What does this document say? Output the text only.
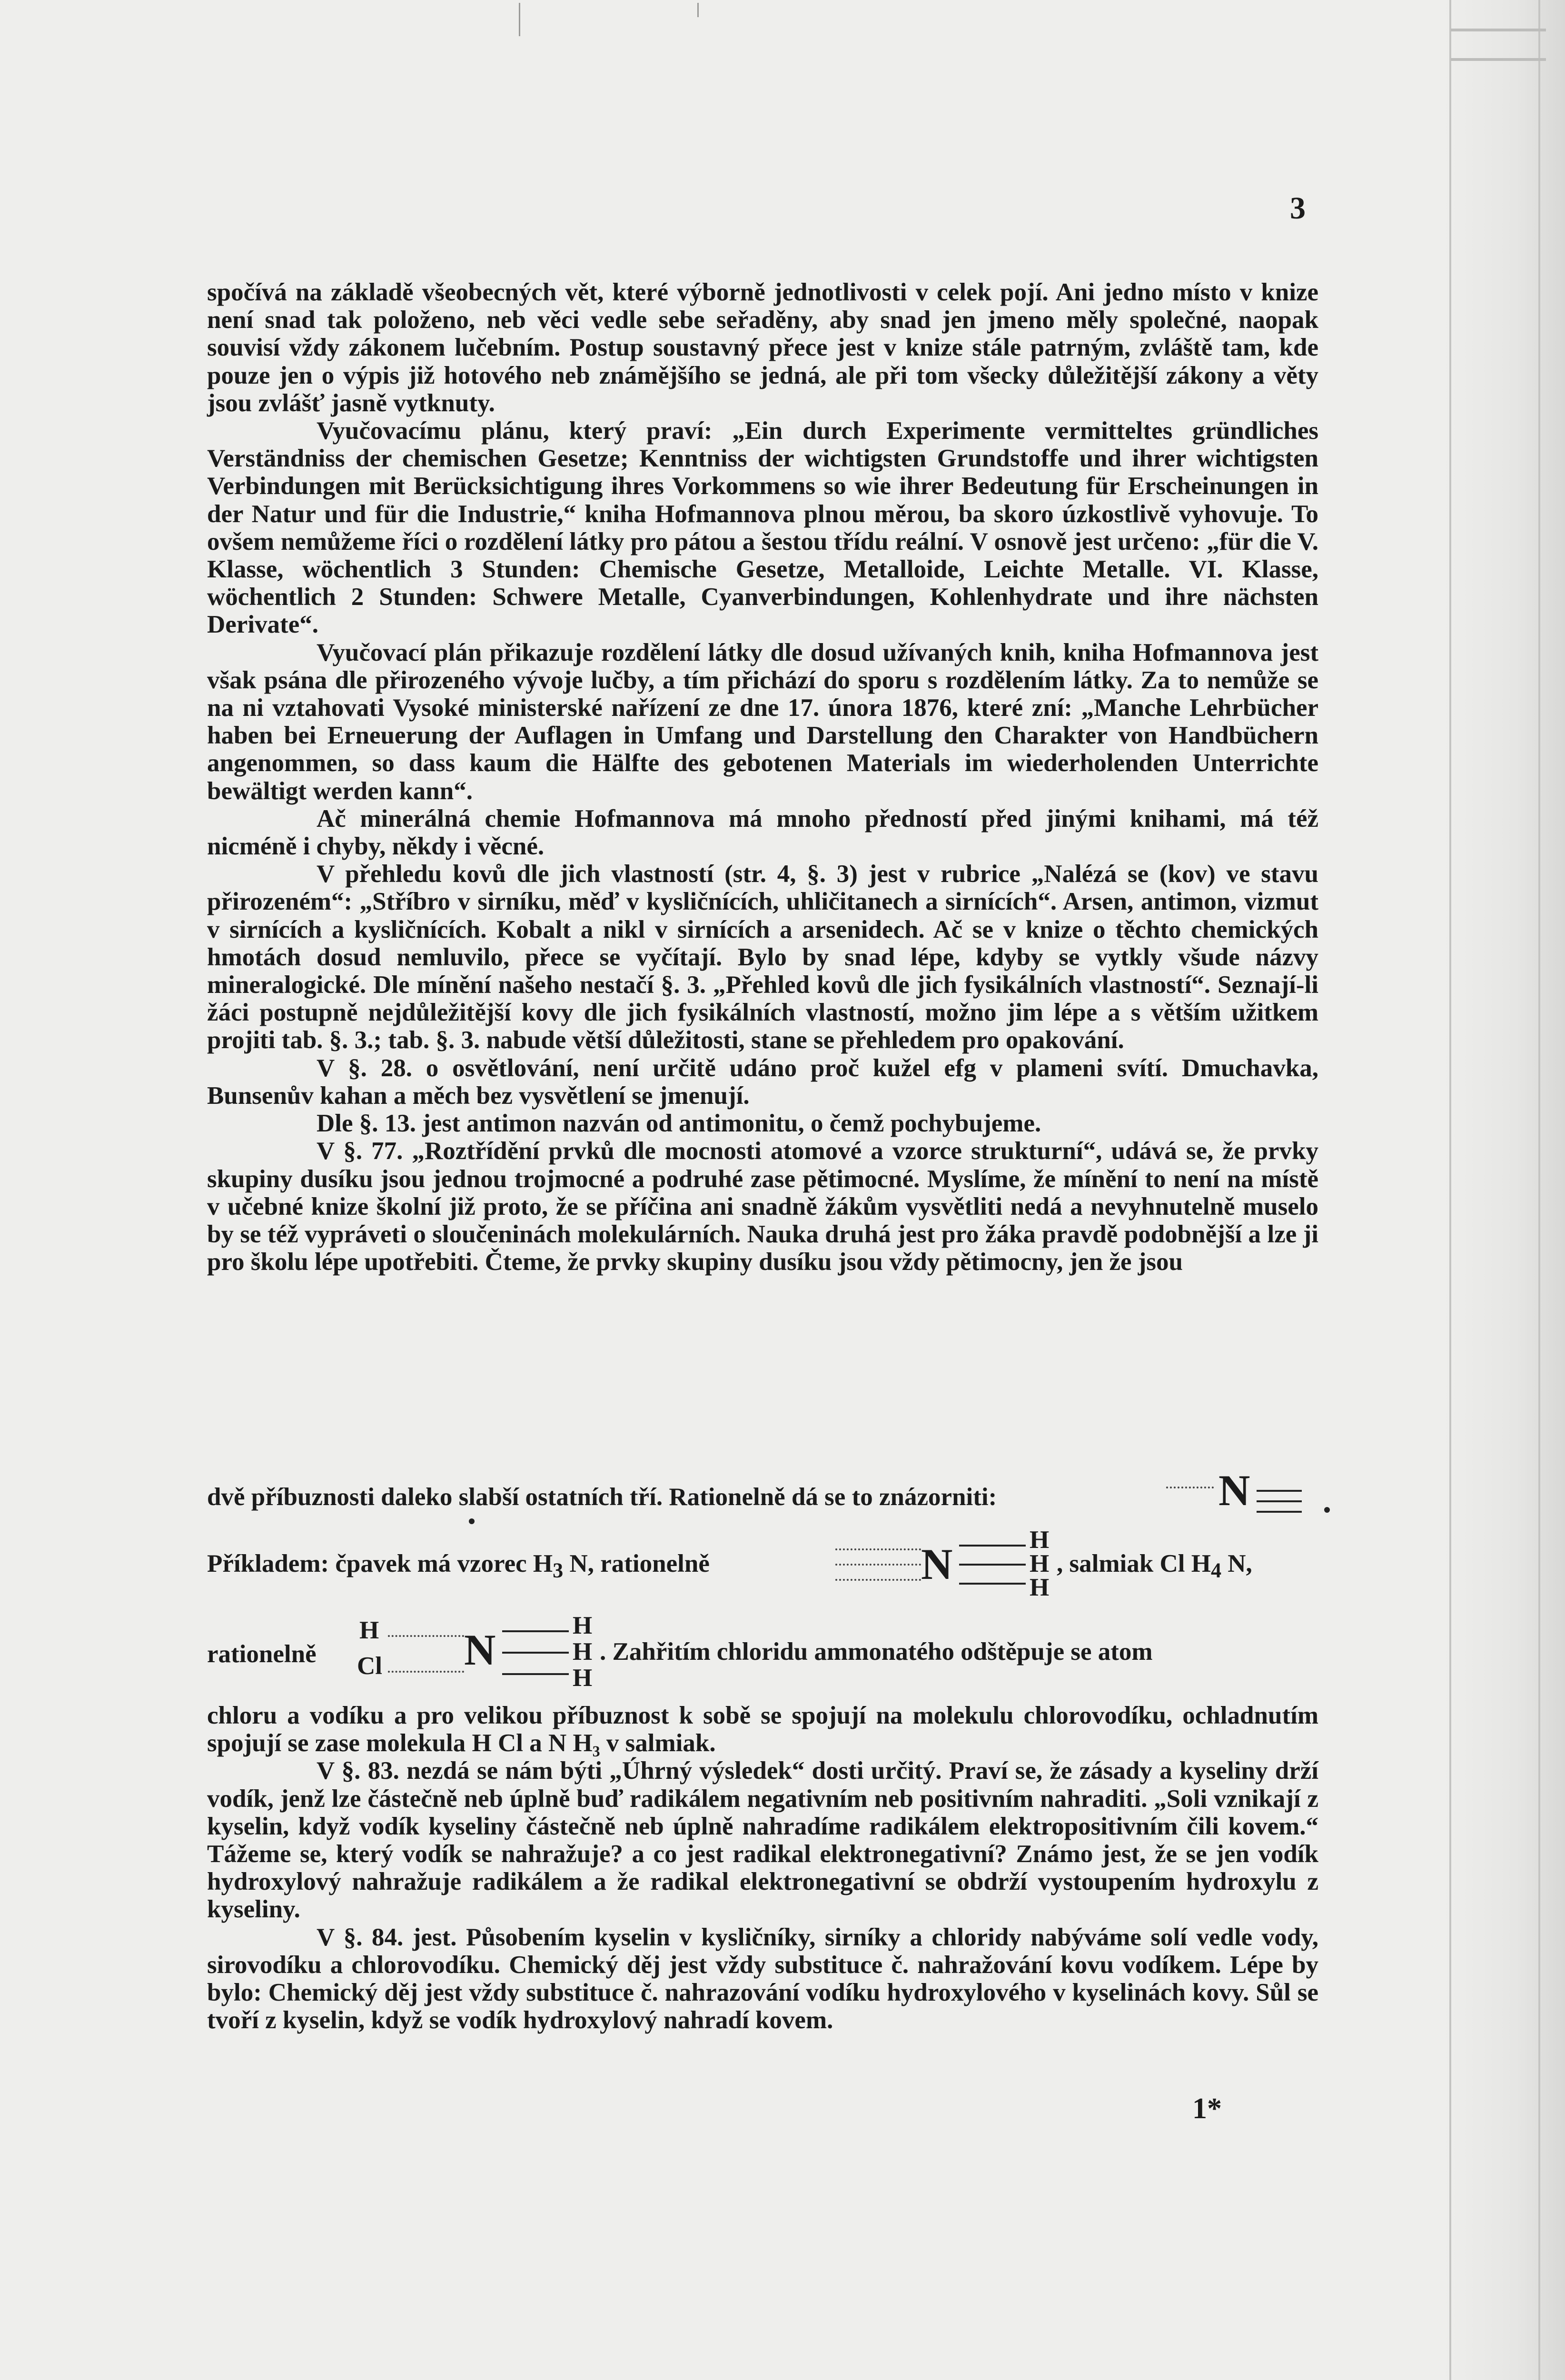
3

spočívá na základě všeobecných vět, které výborně jednotlivosti v celek pojí. Ani jedno místo v knize není snad tak položeno, neb věci vedle sebe seřaděny, aby snad jen jmeno měly společné, naopak souvisí vždy zákonem lučebním. Postup soustavný přece jest v knize stále patrným, zvláště tam, kde pouze jen o výpis již hotového neb známějšího se jedná, ale při tom všecky důležitější zákony a věty jsou zvlášť jasně vytknuty.

Vyučovacímu plánu, který praví: „Ein durch Experimente vermitteltes gründliches Verständniss der chemischen Gesetze; Kenntniss der wichtigsten Grundstoffe und ihrer wichtigsten Verbindungen mit Berücksichtigung ihres Vorkommens so wie ihrer Bedeutung für Erscheinungen in der Natur und für die Industrie,“ kniha Hofmannova plnou měrou, ba skoro úzkostlivě vyhovuje. To ovšem nemůžeme říci o rozdělení látky pro pátou a šestou třídu reální. V osnově jest určeno: „für die V. Klasse, wöchentlich 3 Stunden: Chemische Gesetze, Metalloide, Leichte Metalle. VI. Klasse, wöchentlich 2 Stunden: Schwere Metalle, Cyanverbindungen, Kohlenhydrate und ihre nächsten Derivate“.

Vyučovací plán přikazuje rozdělení látky dle dosud užívaných knih, kniha Hofmannova jest však psána dle přirozeného vývoje lučby, a tím přichází do sporu s rozdělením látky. Za to nemůže se na ni vztahovati Vysoké ministerské nařízení ze dne 17. února 1876, které zní: „Manche Lehrbücher haben bei Erneuerung der Auflagen in Umfang und Darstellung den Charakter von Handbüchern angenommen, so dass kaum die Hälfte des gebotenen Materials im wiederholenden Unterrichte bewältigt werden kann“.

Ač minerálná chemie Hofmannova má mnoho předností před jinými knihami, má též nicméně i chyby, někdy i věcné.

V přehledu kovů dle jich vlastností (str. 4, §. 3) jest v rubrice „Nalézá se (kov) ve stavu přirozeném“: „Stříbro v sirníku, měď v kysličnících, uhličitanech a sirnících“. Arsen, antimon, vizmut v sirnících a kysličnících. Kobalt a nikl v sirnících a arsenidech. Ač se v knize o těchto chemických hmotách dosud nemluvilo, přece se vyčítají. Bylo by snad lépe, kdyby se vytkly všude názvy mineralogické. Dle mínění našeho nestačí §. 3. „Přehled kovů dle jich fysikálních vlastností“. Seznají-li žáci postupně nejdůležitější kovy dle jich fysikálních vlastností, možno jim lépe a s větším užitkem projiti tab. §. 3.; tab. §. 3. nabude větší důležitosti, stane se přehledem pro opakování.

V §. 28. o osvětlování, není určitě udáno proč kužel efg v plameni svítí. Dmuchavka, Bunsenův kahan a měch bez vysvětlení se jmenují.

Dle §. 13. jest antimon nazván od antimonitu, o čemž pochybujeme.

V §. 77. „Roztřídění prvků dle mocnosti atomové a vzorce strukturní“, udává se, že prvky skupiny dusíku jsou jednou trojmocné a podruhé zase pětimocné. Myslíme, že mínění to není na místě v učebné knize školní již proto, že se příčina ani snadně žákům vysvětliti nedá a nevyhnutelně muselo by se též vypráveti o sloučeninách molekulárních. Nauka druhá jest pro žáka pravdě podobnější a lze ji pro školu lépe upotřebiti. Čteme, že prvky skupiny dusíku jsou vždy pětimocny, jen že jsou

dvě příbuznosti daleko slabší ostatních tří. Rationelně dá se to znázorniti:	N
Příkladem: čpavek má vzorec $H_3$ N, rationelně	N	H
H
H
, salmiak Cl $H_4$ N,
rationelně
H
Cl N	H
H
H
. Zahřitím chloridu ammonatého odštěpuje se atom

chloru a vodíku a pro velikou příbuznost k sobě se spojují na molekulu chlorovodíku, ochladnutím spojují se zase molekula H Cl a N H₃ v salmiak.

V §. 83. nezdá se nám býti „Úhrný výsledek“ dosti určitý. Praví se, že zásady a kyseliny drží vodík, jenž lze částečně neb úplně buď radikálem negativním neb positivním nahraditi. „Soli vznikají z kyselin, když vodík kyseliny částečně neb úplně nahradíme radikálem elektropositivním čili kovem.“ Tážeme se, který vodík se nahražuje? a co jest radikal elektronegativní? Známo jest, že se jen vodík hydroxylový nahražuje radikálem a že radikal elektronegativní se obdrží vystoupením hydroxylu z kyseliny.

V §. 84. jest. Působením kyselin v kysličníky, sirníky a chloridy nabýváme solí vedle vody, sirovodíku a chlorovodíku. Chemický děj jest vždy substituce č. nahražování kovu vodíkem. Lépe by bylo: Chemický děj jest vždy substituce č. nahrazování vodíku hydroxylového v kyselinách kovy. Sůl se tvoří z kyselin, když se vodík hydroxylový nahradí kovem.

1*
